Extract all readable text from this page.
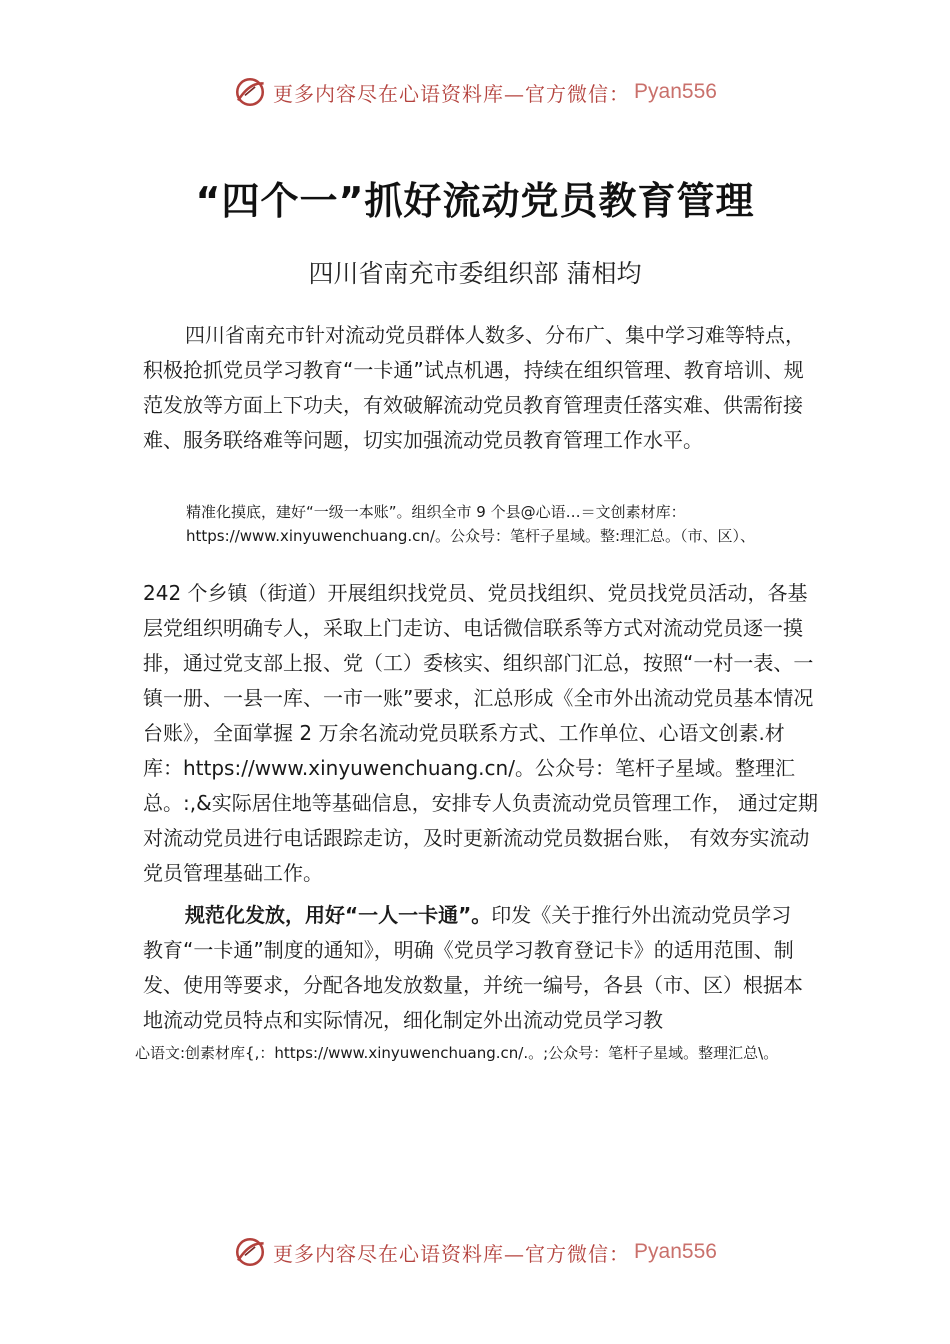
更多内容尽在心语资料库 —官方微信： Pyan556
“四个一”抓好流动党员教育管理
四川省南充市委组织部 蒲相均
四川省南充市针对流动党员群体人数多、分布广、集中学习难等特点，积极抢抓党员学习教育“一卡通”试点机遇，持续在组织管理、教育培训、规范发放等方面上下功夫，有效破解流动党员教育管理责任落实难、供需衔接难、服务联络难等问题，切实加强流动党员教育管理工作水平。
精准化摸底，建好“一级一本账”。组织全市 9 个县@心语…＝文创素材库：https://www.xinyuwenchuang.cn/。公众号：笔杆子星域。整:理汇总。（市、区）、
242 个乡镇（街道）开展组织找党员、党员找组织、党员找党员活动，各基层党组织明确专人，采取上门走访、电话微信联系等方式对流动党员逐一摸排，通过党支部上报、党（工）委核实、组织部门汇总，按照“一村一表、一镇一册、一县一库、一市一账”要求，汇总形成《全市外出流动党员基本情况台账》，全面掌握 2 万余名流动党员联系方式、工作单位、心语文创素.材库：https://www.xinyuwenchuang.cn/。公众号：笔杆子星域。整理汇总。:,&实际居住地等基础信息，安排专人负责流动党员管理工作， 通过定期对流动党员进行电话跟踪走访，及时更新流动党员数据台账， 有效夯实流动党员管理基础工作。
规范化发放，用好“一人一卡通”。印发《关于推行外出流动党员学习教育“一卡通”制度的通知》，明确《党员学习教育登记卡》的适用范围、制发、使用等要求，分配各地发放数量，并统一编号，各县（市、区）根据本地流动党员特点和实际情况，细化制定外出流动党员学习教
心语文:创素材库{,：https://www.xinyuwenchuang.cn/.。;公众号：笔杆子星域。整理汇总\。
更多内容尽在心语资料库 —官方微信： Pyan556
